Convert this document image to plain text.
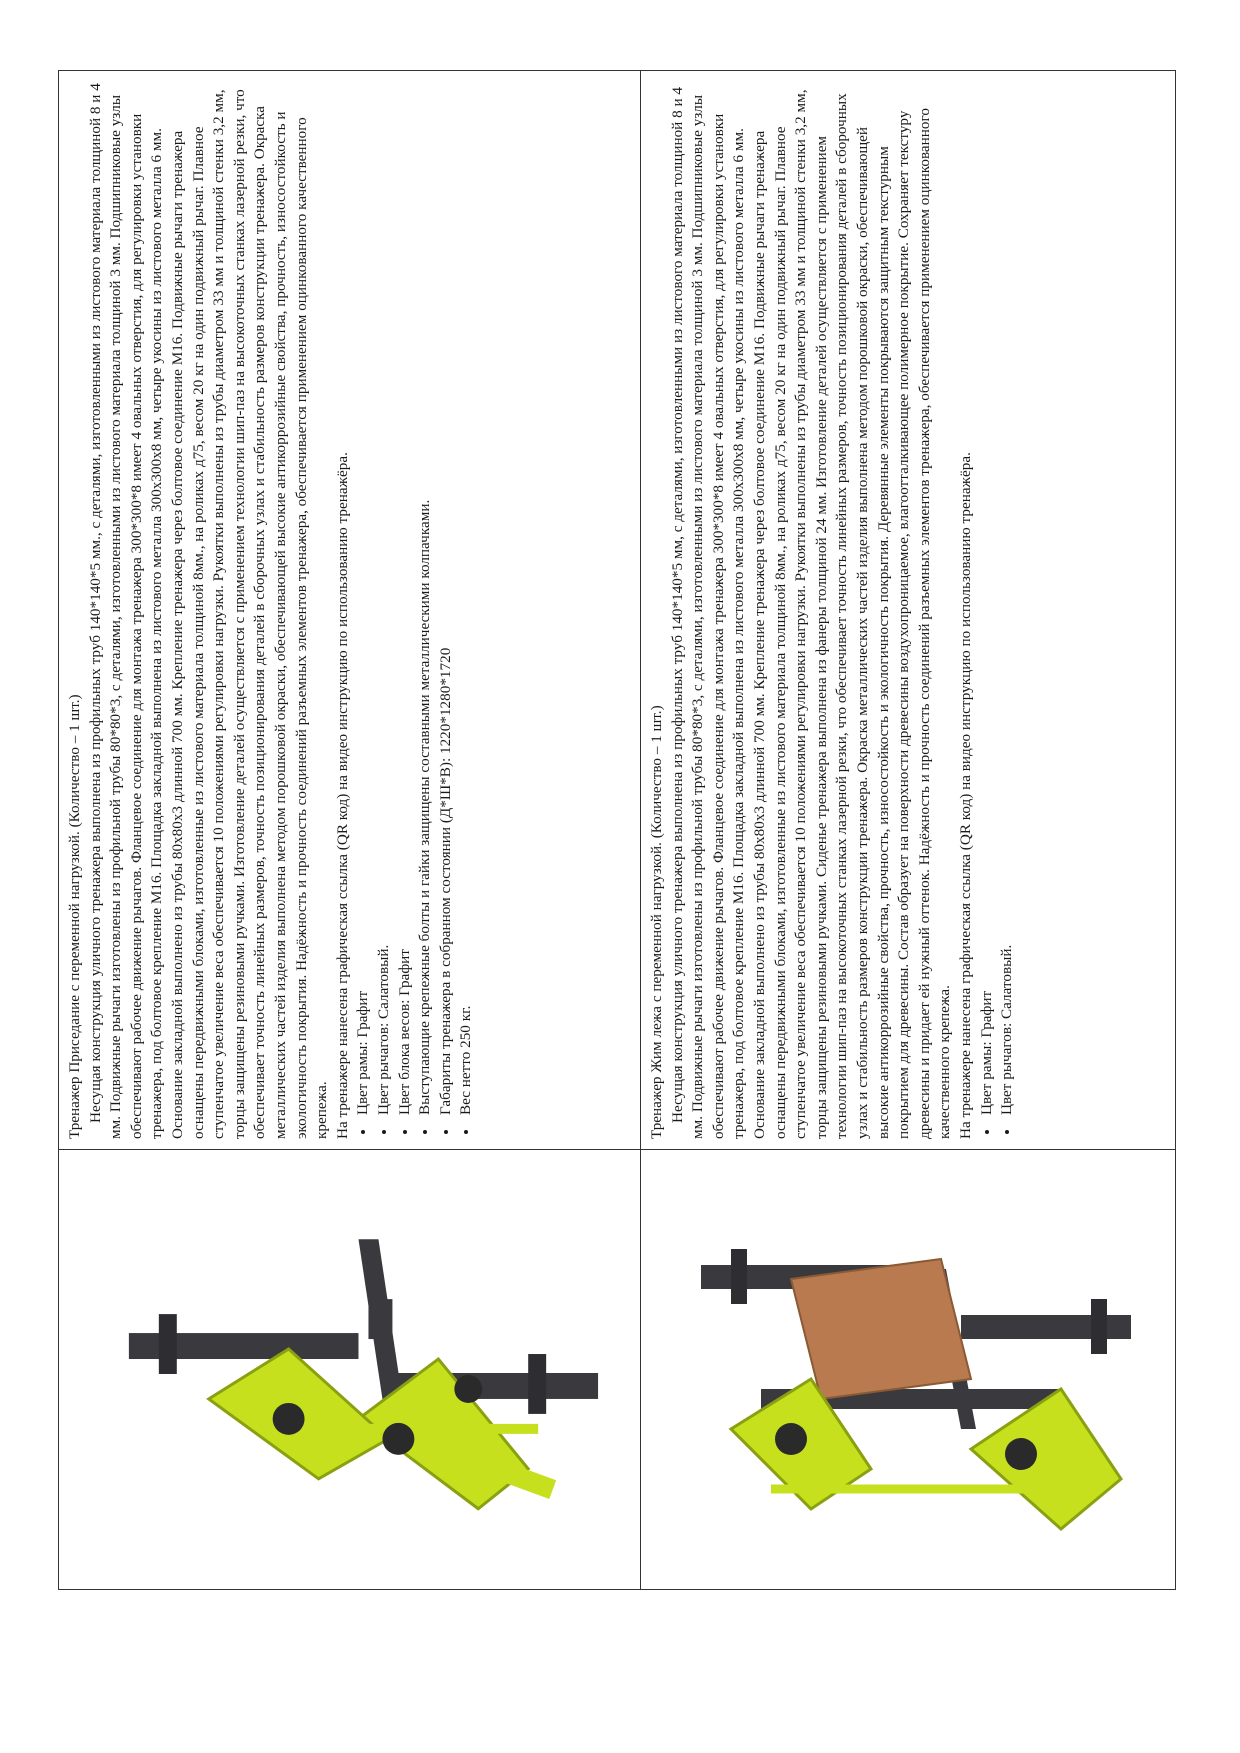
Тренажер Приседание с переменной нагрузкой. (Количество – 1 шт.) Несущая конструкция уличного тренажера выполнена из профильных труб 140*140*5 мм., с деталями, изготовленными из листового материала толщиной 8 и 4 мм. Подвижные рычаги изготовлены из профильной трубы 80*80*3, с деталями, изготовленными из листового материала толщиной 3 мм. Подшипниковые узлы обеспечивают рабочее движение рычагов. Фланцевое соединение для монтажа тренажера 300*300*8 имеет 4 овальных отверстия, для регулировки установки тренажера, под болтовое крепление M16. Площадка закладной выполнена из листового металла 300х300х8 мм, четыре укосины из листового металла 6 мм. Основание закладной выполнено из трубы 80х80х3 длинной 700 мм. Крепление тренажера через болтовое соединение M16. Подвижные рычаги тренажера оснащены передвижными блоками, изготовленные из листового материала толщиной 8мм., на роликах д75, весом 20 кг на один подвижный рычаг. Плавное ступенчатое увеличение веса обеспечивается 10 положениями регулировки нагрузки. Рукоятки выполнены из трубы диаметром 33 мм и толщиной стенки 3,2 мм, торцы защищены резиновыми ручками. Изготовление деталей осуществляется с применением технологии шип-паз на высокоточных станках лазерной резки, что обеспечивает точность линейных размеров, точность позиционирования деталей в сборочных узлах и стабильность размеров конструкции тренажера. Окраска металлических частей изделия выполнена методом порошковой окраски, обеспечивающей высокие антикоррозийные свойства, прочность, износостойкость и экологичность покрытия. Надёжность и прочность соединений разъемных элементов тренажера, обеспечивается применением оцинкованного качественного крепежа. На тренажере нанесена графическая ссылка (QR код) на видео инструкцию по использованию тренажёра. • Цвет рамы: Графит • Цвет рычагов: Салатовый. • Цвет блока весов: Графит • Выступающие крепежные болты и гайки защищены составными металлическими колпачками. • Габариты тренажера в собранном состоянии (Д*Ш*В): 1220*1280*1720 • Вес нетто 250 кг.	Тренажер Жим лежа с переменной нагрузкой. (Количество – 1 шт.) Несущая конструкция уличного тренажера выполнена из профильных труб 140*140*5 мм, с деталями, изготовленными из листового материала толщиной 8 и 4 мм. Подвижные рычаги изготовлены из профильной трубы 80*80*3, с деталями, изготовленными из листового материала толщиной 3 мм. Подшипниковые узлы обеспечивают рабочее движение рычагов. Фланцевое соединение для монтажа тренажера 300*300*8 имеет 4 овальных отверстия, для регулировки установки тренажера, под болтовое крепление M16. Площадка закладной выполнена из листового металла 300х300х8 мм, четыре укосины из листового металла 6 мм. Основание закладной выполнено из трубы 80х80х3 длинной 700 мм. Крепление тренажера через болтовое соединение M16. Подвижные рычаги тренажера оснащены передвижными блоками, изготовленные из листового материала толщиной 8мм., на роликах д75, весом 20 кг на один подвижный рычаг. Плавное ступенчатое увеличение веса обеспечивается 10 положениями регулировки нагрузки. Рукоятки выполнены из трубы диаметром 33 мм и толщиной стенки 3,2 мм, торцы защищены резиновыми ручками. Сиденье тренажера выполнена из фанеры толщиной 24 мм. Изготовление деталей осуществляется с применением технологии шип-паз на высокоточных станках лазерной резки, что обеспечивает точность линейных размеров, точность позиционирования деталей в сборочных узлах и стабильность размеров конструкции тренажера. Окраска металлических частей изделия выполнена методом порошковой окраски, обеспечивающей высокие антикоррозийные свойства, прочность, износостойкость и экологичность покрытия. Деревянные элементы покрываются защитным текстурным покрытием для древесины. Состав образует на поверхности древесины воздухопроницаемое, влагоотталкивающее полимерное покрытие. Сохраняет текстуру древесины и придает ей нужный оттенок. Надёжность и прочность соединений разъемных элементов тренажера, обеспечивается применением оцинкованного качественного крепежа. На тренажере нанесена графическая ссылка (QR код) на видео инструкцию по использованию тренажёра. • Цвет рамы: Графит • Цвет рычагов: Салатовый.
